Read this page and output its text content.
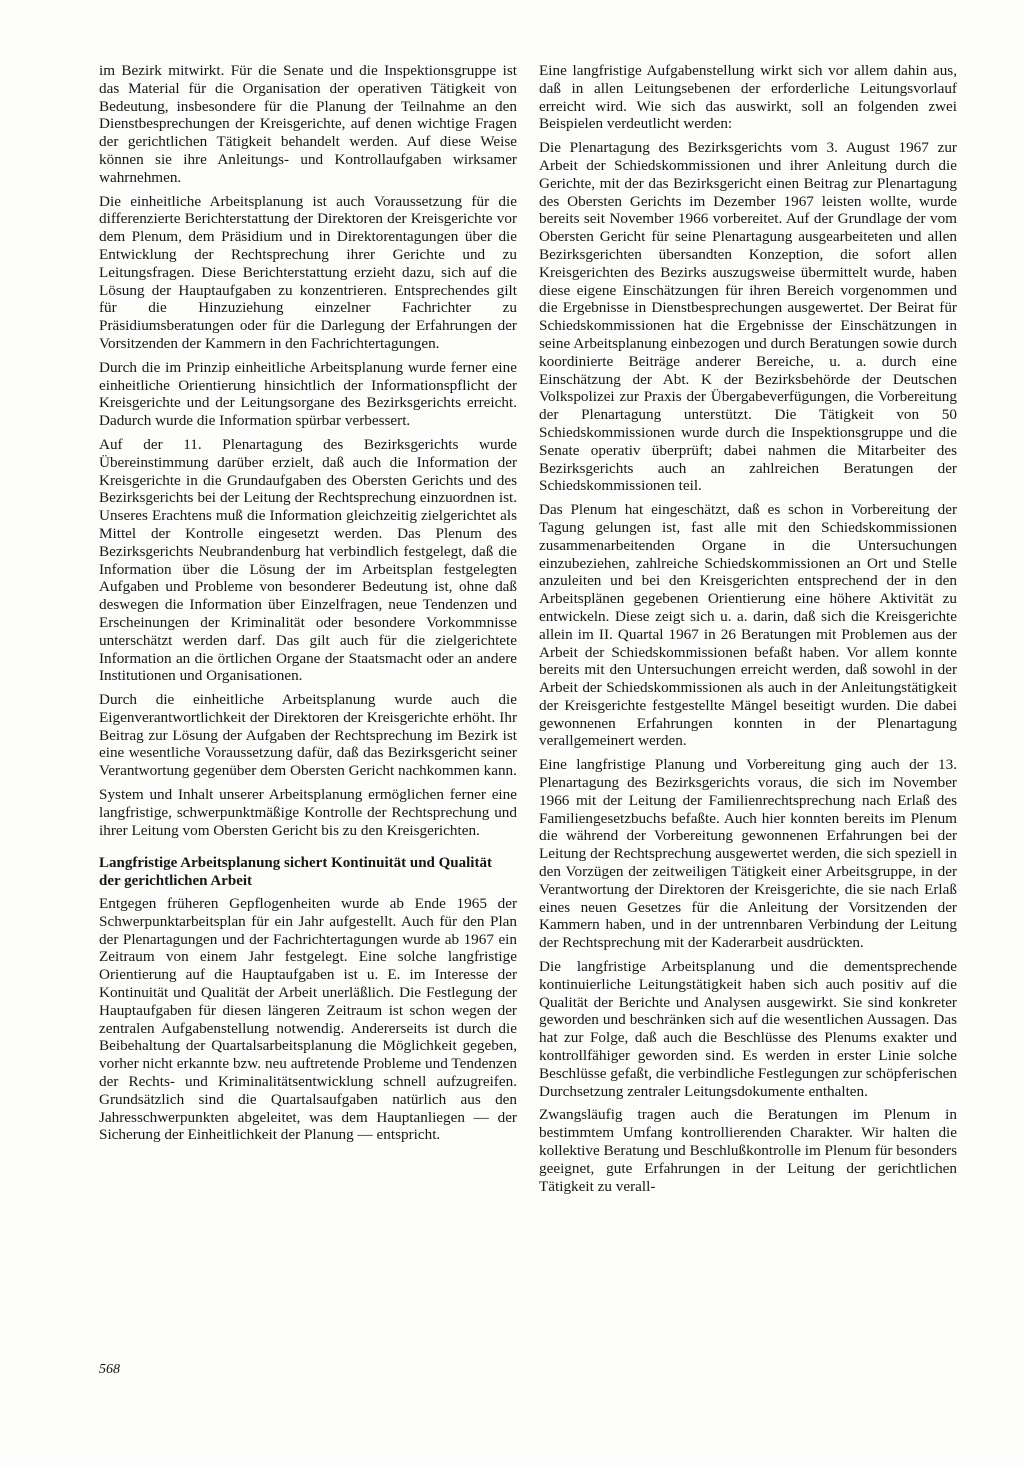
im Bezirk mitwirkt. Für die Senate und die Inspektionsgruppe ist das Material für die Organisation der operativen Tätigkeit von Bedeutung, insbesondere für die Planung der Teilnahme an den Dienstbesprechungen der Kreisgerichte, auf denen wichtige Fragen der gerichtlichen Tätigkeit behandelt werden. Auf diese Weise können sie ihre Anleitungs- und Kontrollaufgaben wirksamer wahrnehmen.

Die einheitliche Arbeitsplanung ist auch Voraussetzung für die differenzierte Berichterstattung der Direktoren der Kreisgerichte vor dem Plenum, dem Präsidium und in Direktorentagungen über die Entwicklung der Rechtsprechung ihrer Gerichte und zu Leitungsfragen. Diese Berichterstattung erzieht dazu, sich auf die Lösung der Hauptaufgaben zu konzentrieren. Entsprechendes gilt für die Hinzuziehung einzelner Fachrichter zu Präsidiumsberatungen oder für die Darlegung der Erfahrungen der Vorsitzenden der Kammern in den Fachrichtertagungen.

Durch die im Prinzip einheitliche Arbeitsplanung wurde ferner eine einheitliche Orientierung hinsichtlich der Informationspflicht der Kreisgerichte und der Leitungsorgane des Bezirksgerichts erreicht. Dadurch wurde die Information spürbar verbessert.

Auf der 11. Plenartagung des Bezirksgerichts wurde Übereinstimmung darüber erzielt, daß auch die Information der Kreisgerichte in die Grundaufgaben des Obersten Gerichts und des Bezirksgerichts bei der Leitung der Rechtsprechung einzuordnen ist. Unseres Erachtens muß die Information gleichzeitig zielgerichtet als Mittel der Kontrolle eingesetzt werden. Das Plenum des Bezirksgerichts Neubrandenburg hat verbindlich festgelegt, daß die Information über die Lösung der im Arbeitsplan festgelegten Aufgaben und Probleme von besonderer Bedeutung ist, ohne daß deswegen die Information über Einzelfragen, neue Tendenzen und Erscheinungen der Kriminalität oder besondere Vorkommnisse unterschätzt werden darf. Das gilt auch für die zielgerichtete Information an die örtlichen Organe der Staatsmacht oder an andere Institutionen und Organisationen.

Durch die einheitliche Arbeitsplanung wurde auch die Eigenverantwortlichkeit der Direktoren der Kreisgerichte erhöht. Ihr Beitrag zur Lösung der Aufgaben der Rechtsprechung im Bezirk ist eine wesentliche Voraussetzung dafür, daß das Bezirksgericht seiner Verantwortung gegenüber dem Obersten Gericht nachkommen kann.

System und Inhalt unserer Arbeitsplanung ermöglichen ferner eine langfristige, schwerpunktmäßige Kontrolle der Rechtsprechung und ihrer Leitung vom Obersten Gericht bis zu den Kreisgerichten.

Langfristige Arbeitsplanung sichert Kontinuität und Qualität der gerichtlichen Arbeit

Entgegen früheren Gepflogenheiten wurde ab Ende 1965 der Schwerpunktarbeitsplan für ein Jahr aufgestellt. Auch für den Plan der Plenartagungen und der Fachrichtertagungen wurde ab 1967 ein Zeitraum von einem Jahr festgelegt. Eine solche langfristige Orientierung auf die Hauptaufgaben ist u. E. im Interesse der Kontinuität und Qualität der Arbeit unerläßlich. Die Festlegung der Hauptaufgaben für diesen längeren Zeitraum ist schon wegen der zentralen Aufgabenstellung notwendig. Andererseits ist durch die Beibehaltung der Quartalsarbeitsplanung die Möglichkeit gegeben, vorher nicht erkannte bzw. neu auftretende Probleme und Tendenzen der Rechts- und Kriminalitätsentwicklung schnell aufzugreifen. Grundsätzlich sind die Quartalsaufgaben natürlich aus den Jahresschwerpunkten abgeleitet, was dem Hauptanliegen — der Sicherung der Einheitlichkeit der Planung — entspricht.

Eine langfristige Aufgabenstellung wirkt sich vor allem dahin aus, daß in allen Leitungsebenen der erforderliche Leitungsvorlauf erreicht wird. Wie sich das auswirkt, soll an folgenden zwei Beispielen verdeutlicht werden:

Die Plenartagung des Bezirksgerichts vom 3. August 1967 zur Arbeit der Schiedskommissionen und ihrer Anleitung durch die Gerichte, mit der das Bezirksgericht einen Beitrag zur Plenartagung des Obersten Gerichts im Dezember 1967 leisten wollte, wurde bereits seit November 1966 vorbereitet. Auf der Grundlage der vom Obersten Gericht für seine Plenartagung ausgearbeiteten und allen Bezirksgerichten übersandten Konzeption, die sofort allen Kreisgerichten des Bezirks auszugsweise übermittelt wurde, haben diese eigene Einschätzungen für ihren Bereich vorgenommen und die Ergebnisse in Dienstbesprechungen ausgewertet. Der Beirat für Schiedskommissionen hat die Ergebnisse der Einschätzungen in seine Arbeitsplanung einbezogen und durch Beratungen sowie durch koordinierte Beiträge anderer Bereiche, u. a. durch eine Einschätzung der Abt. K der Bezirksbehörde der Deutschen Volkspolizei zur Praxis der Übergabeverfügungen, die Vorbereitung der Plenartagung unterstützt. Die Tätigkeit von 50 Schiedskommissionen wurde durch die Inspektionsgruppe und die Senate operativ überprüft; dabei nahmen die Mitarbeiter des Bezirksgerichts auch an zahlreichen Beratungen der Schiedskommissionen teil.

Das Plenum hat eingeschätzt, daß es schon in Vorbereitung der Tagung gelungen ist, fast alle mit den Schiedskommissionen zusammenarbeitenden Organe in die Untersuchungen einzubeziehen, zahlreiche Schiedskommissionen an Ort und Stelle anzuleiten und bei den Kreisgerichten entsprechend der in den Arbeitsplänen gegebenen Orientierung eine höhere Aktivität zu entwickeln. Diese zeigt sich u. a. darin, daß sich die Kreisgerichte allein im II. Quartal 1967 in 26 Beratungen mit Problemen aus der Arbeit der Schiedskommissionen befaßt haben. Vor allem konnte bereits mit den Untersuchungen erreicht werden, daß sowohl in der Arbeit der Schiedskommissionen als auch in der Anleitungstätigkeit der Kreisgerichte festgestellte Mängel beseitigt wurden. Die dabei gewonnenen Erfahrungen konnten in der Plenartagung verallgemeinert werden.

Eine langfristige Planung und Vorbereitung ging auch der 13. Plenartagung des Bezirksgerichts voraus, die sich im November 1966 mit der Leitung der Familienrechtsprechung nach Erlaß des Familiengesetzbuchs befaßte. Auch hier konnten bereits im Plenum die während der Vorbereitung gewonnenen Erfahrungen bei der Leitung der Rechtsprechung ausgewertet werden, die sich speziell in den Vorzügen der zeitweiligen Tätigkeit einer Arbeitsgruppe, in der Verantwortung der Direktoren der Kreisgerichte, die sie nach Erlaß eines neuen Gesetzes für die Anleitung der Vorsitzenden der Kammern haben, und in der untrennbaren Verbindung der Leitung der Rechtsprechung mit der Kaderarbeit ausdrückten.

Die langfristige Arbeitsplanung und die dementsprechende kontinuierliche Leitungstätigkeit haben sich auch positiv auf die Qualität der Berichte und Analysen ausgewirkt. Sie sind konkreter geworden und beschränken sich auf die wesentlichen Aussagen. Das hat zur Folge, daß auch die Beschlüsse des Plenums exakter und kontrollfähiger geworden sind. Es werden in erster Linie solche Beschlüsse gefaßt, die verbindliche Festlegungen zur schöpferischen Durchsetzung zentraler Leitungsdokumente enthalten.

Zwangsläufig tragen auch die Beratungen im Plenum in bestimmtem Umfang kontrollierenden Charakter. Wir halten die kollektive Beratung und Beschlußkontrolle im Plenum für besonders geeignet, gute Erfahrungen in der Leitung der gerichtlichen Tätigkeit zu verall-

568
